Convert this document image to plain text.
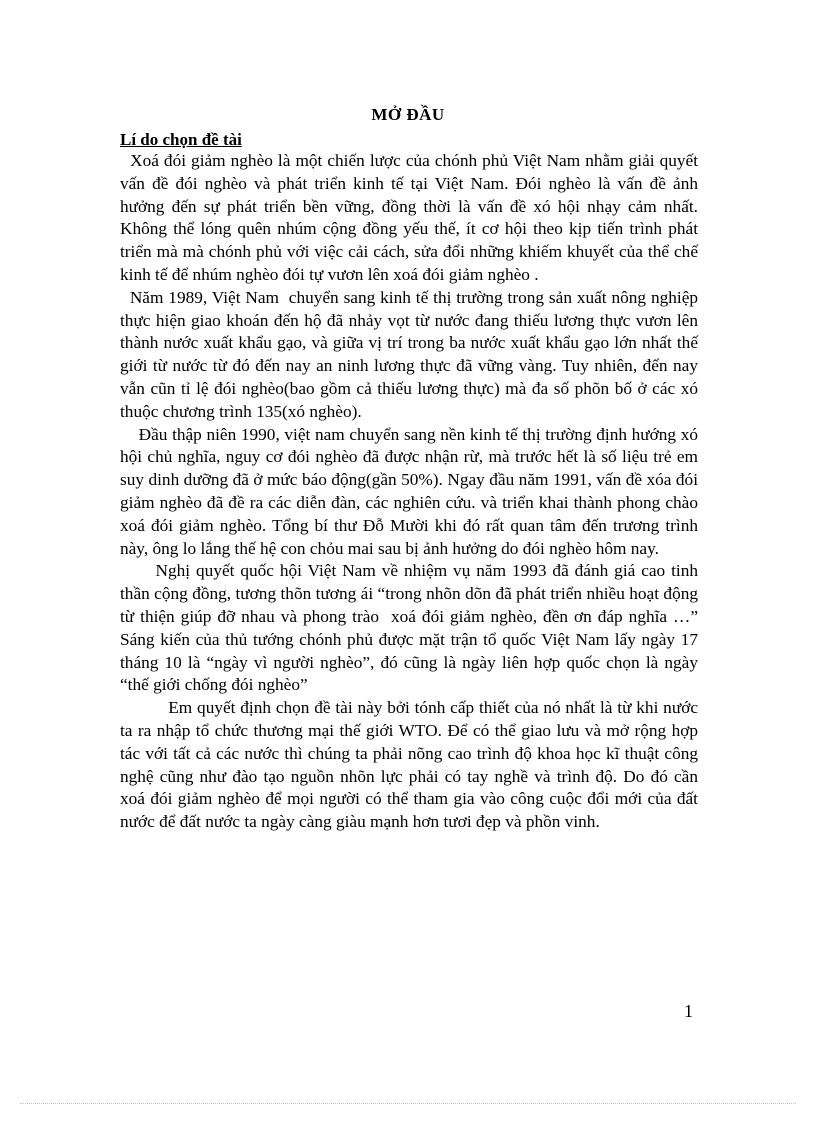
MỞ ĐẦU
Lí do chọn đề tài

Xoá đói giảm nghèo là một chiến lược của chónh phủ Việt Nam nhằm giải quyết vấn đề đói nghèo và phát triển kinh tế tại Việt Nam. Đói nghèo là vấn đề ảnh hưởng đến sự phát triển bền vững, đồng thời là vấn đề xó hội nhạy cảm nhất. Không thể lóng quên nhúm cộng đồng yếu thế, ít cơ hội theo kịp tiến trình phát triển mà mà chónh phủ với việc cải cách, sửa đổi những khiếm khuyết của thể chế kinh tế để nhúm nghèo đói tự vươn lên xoá đói giảm nghèo .

Năm 1989, Việt Nam  chuyển sang kinh tế thị trường trong sản xuất nông nghiệp thực hiện giao khoán đến hộ đã nhảy vọt từ nước đang thiếu lương thực vươn lên thành nước xuất khẩu gạo, và giữa vị trí trong ba nước xuất khẩu gạo lớn nhất thế giới từ nước từ đó đến nay an ninh lương thực đã vững vàng. Tuy nhiên, đến nay vẫn cũn tỉ lệ đói nghèo(bao gồm cả thiếu lương thực) mà đa số phõn bố ở các xó thuộc chương trình 135(xó nghèo).

Đầu thập niên 1990, việt nam chuyển sang nền kinh tế thị trường định hướng xó hội chủ nghĩa, nguy cơ đói nghèo đã được nhận rừ, mà trước hết là số liệu trẻ em suy dinh dưỡng đã ở mức báo động(gần 50%). Ngay đầu năm 1991, vấn đề xóa đói giảm nghèo đã đề ra các diễn đàn, các nghiên cứu. và triển khai thành phong chào xoá đói giảm nghèo. Tổng bí thư Đỗ Mười khi đó rất quan tâm đến trương trình này, ông lo lắng thế hệ con chỏu mai sau bị ảnh hưởng do đói nghèo hôm nay.

Nghị quyết quốc hội Việt Nam về nhiệm vụ năm 1993 đã đánh giá cao tinh thần cộng đồng, tương thõn tương ái “trong nhõn dõn đã phát triển nhiều hoạt động từ thiện giúp đỡ nhau và phong trào  xoá đói giảm nghèo, đền ơn đáp nghĩa …” Sáng kiến của thủ tướng chónh phủ được mặt trận tổ quốc Việt Nam lấy ngày 17 tháng 10 là “ngày vì người nghèo”, đó cũng là ngày liên hợp quốc chọn là ngày “thế giới chống đói nghèo”

Em quyết định chọn đề tài này bởi tónh cấp thiết của nó nhất là từ khi nước ta ra nhập tổ chức thương mại thế giới WTO. Để có thể giao lưu và mở rộng hợp tác với tất cả các nước thì chúng ta phải nõng cao trình độ khoa học kĩ thuật công nghệ cũng như đào tạo nguồn nhõn lực phải có tay nghề và trình độ. Do đó cần  xoá đói giảm nghèo để mọi người có thể tham gia vào công cuộc đổi mới của đất nước để đất nước ta ngày càng giàu mạnh hơn tươi đẹp và phồn vinh.

1
